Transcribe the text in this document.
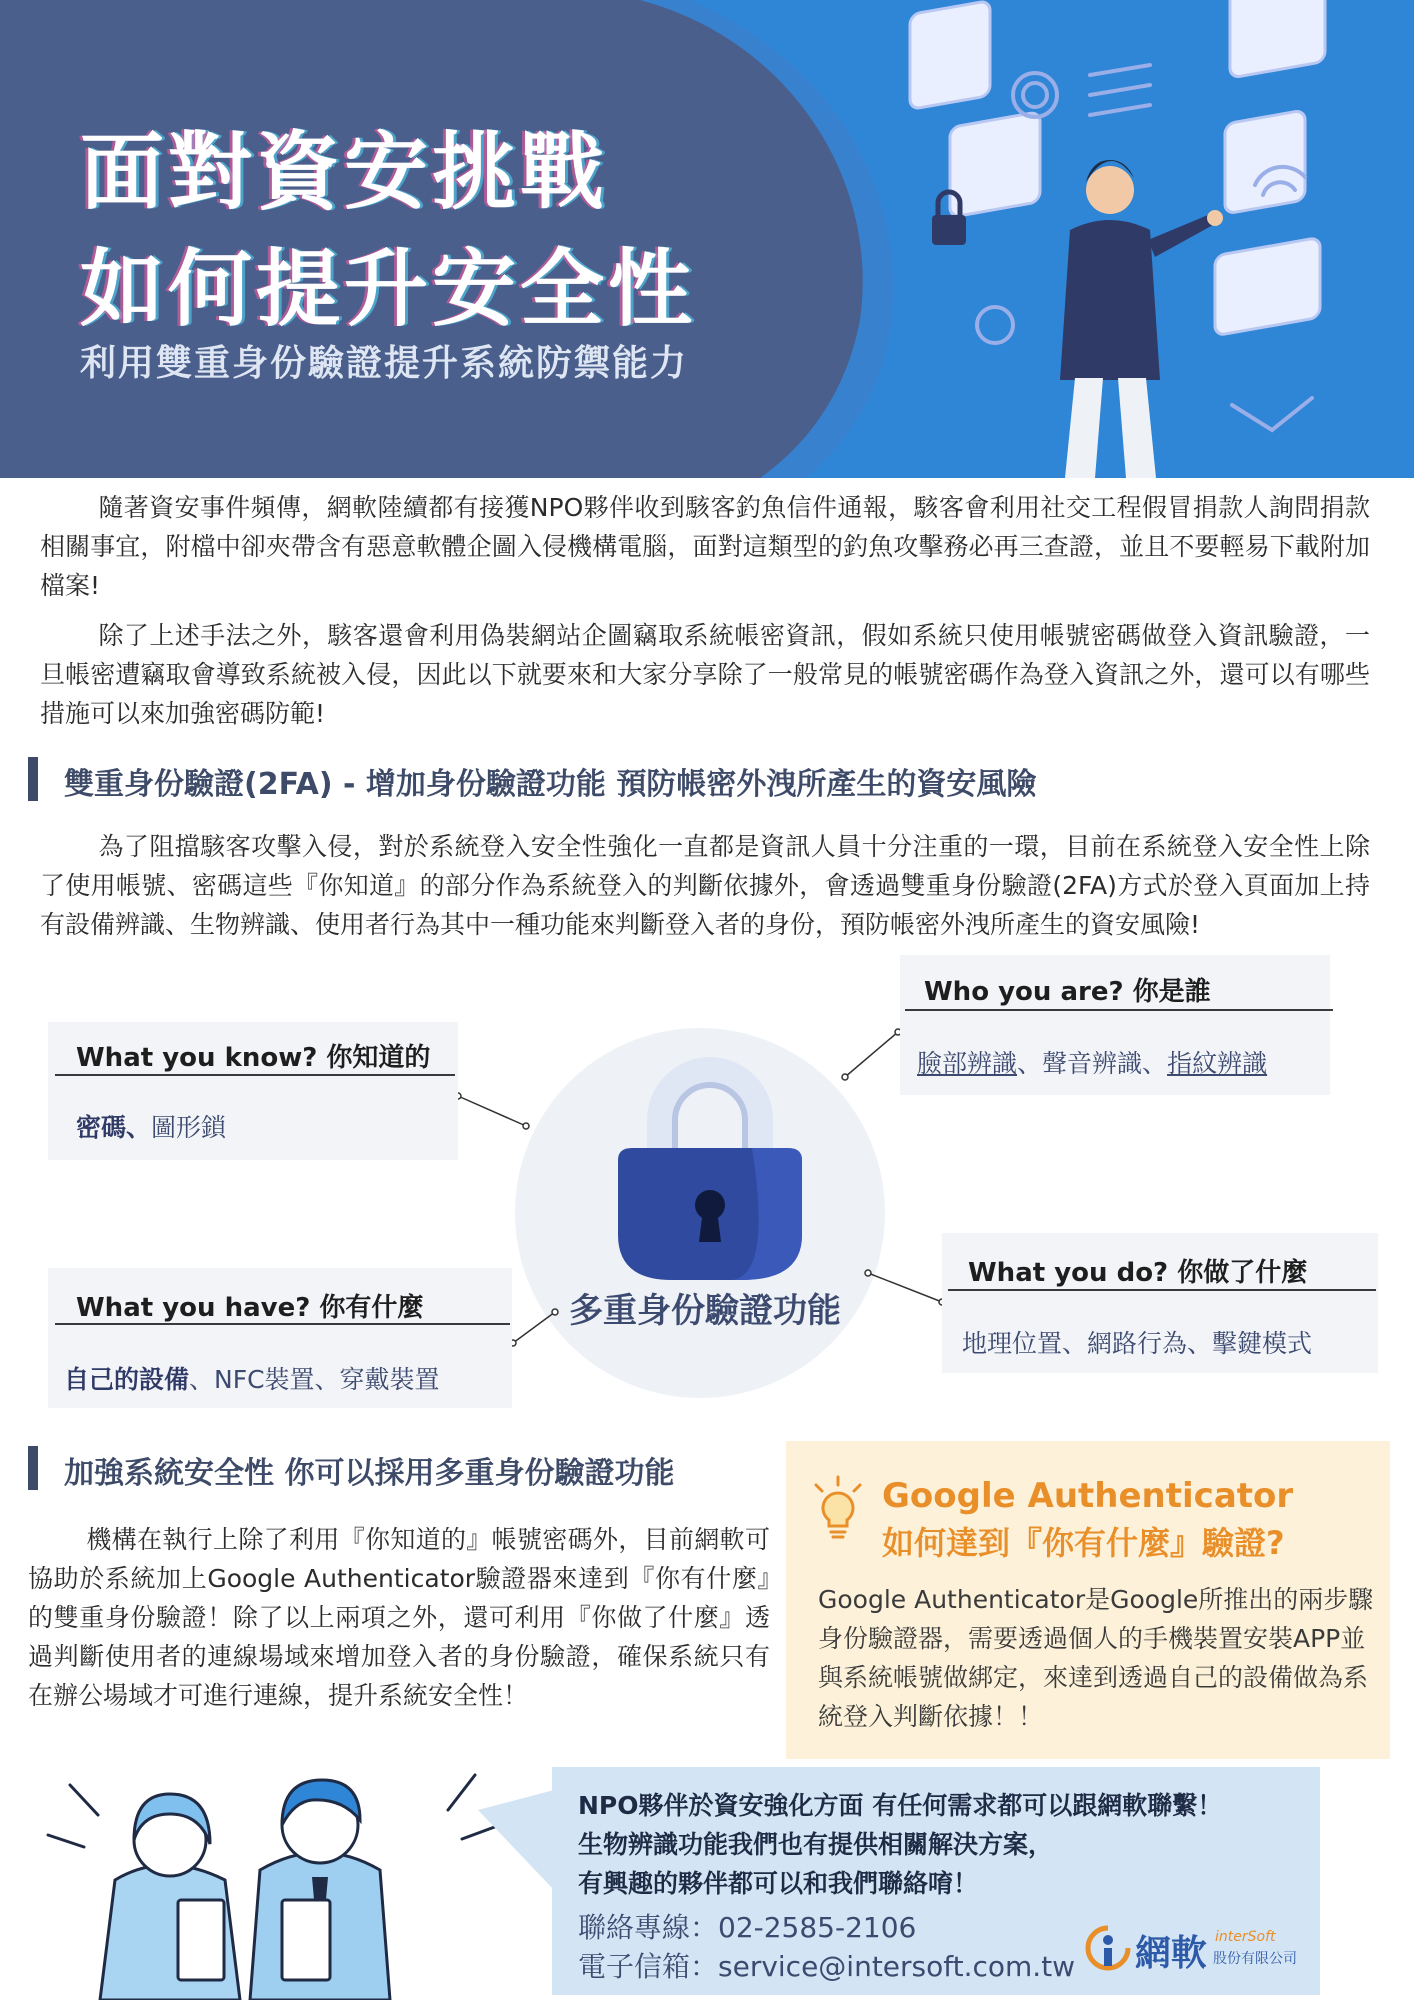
面對資安挑戰
如何提升安全性
利用雙重身份驗證提升系統防禦能力
隨著資安事件頻傳，網軟陸續都有接獲NPO夥伴收到駭客釣魚信件通報，駭客會利用社交工程假冒捐款人詢問捐款相關事宜，附檔中卻夾帶含有惡意軟體企圖入侵機構電腦，面對這類型的釣魚攻擊務必再三查證，並且不要輕易下載附加檔案!
除了上述手法之外，駭客還會利用偽裝網站企圖竊取系統帳密資訊，假如系統只使用帳號密碼做登入資訊驗證，一旦帳密遭竊取會導致系統被入侵，因此以下就要來和大家分享除了一般常見的帳號密碼作為登入資訊之外，還可以有哪些措施可以來加強密碼防範!
雙重身份驗證(2FA) - 增加身份驗證功能 預防帳密外洩所產生的資安風險
為了阻擋駭客攻擊入侵，對於系統登入安全性強化一直都是資訊人員十分注重的一環，目前在系統登入安全性上除了使用帳號、密碼這些『你知道』的部分作為系統登入的判斷依據外，會透過雙重身份驗證(2FA)方式於登入頁面加上持有設備辨識、生物辨識、使用者行為其中一種功能來判斷登入者的身份，預防帳密外洩所產生的資安風險!
多重身份驗證功能
What you know? 你知道的
密碼、圖形鎖
Who you are? 你是誰
臉部辨識、聲音辨識、指紋辨識
What you have? 你有什麼
自己的設備、NFC裝置、穿戴裝置
What you do? 你做了什麼
地理位置、網路行為、擊鍵模式
加強系統安全性 你可以採用多重身份驗證功能
機構在執行上除了利用『你知道的』帳號密碼外，目前網軟可協助於系統加上Google Authenticator驗證器來達到『你有什麼』的雙重身份驗證！除了以上兩項之外，還可利用『你做了什麼』透過判斷使用者的連線場域來增加登入者的身份驗證，確保系統只有在辦公場域才可進行連線，提升系統安全性！
Google Authenticator
如何達到『你有什麼』驗證?
Google Authenticator是Google所推出的兩步驟身份驗證器，需要透過個人的手機裝置安裝APP並與系統帳號做綁定，來達到透過自己的設備做為系統登入判斷依據！！
NPO夥伴於資安強化方面 有任何需求都可以跟網軟聯繫！
生物辨識功能我們也有提供相關解決方案，
有興趣的夥伴都可以和我們聯絡唷！
聯絡專線：02-2585-2106
電子信箱：service@intersoft.com.tw 網軟 interSoft
股份有限公司
